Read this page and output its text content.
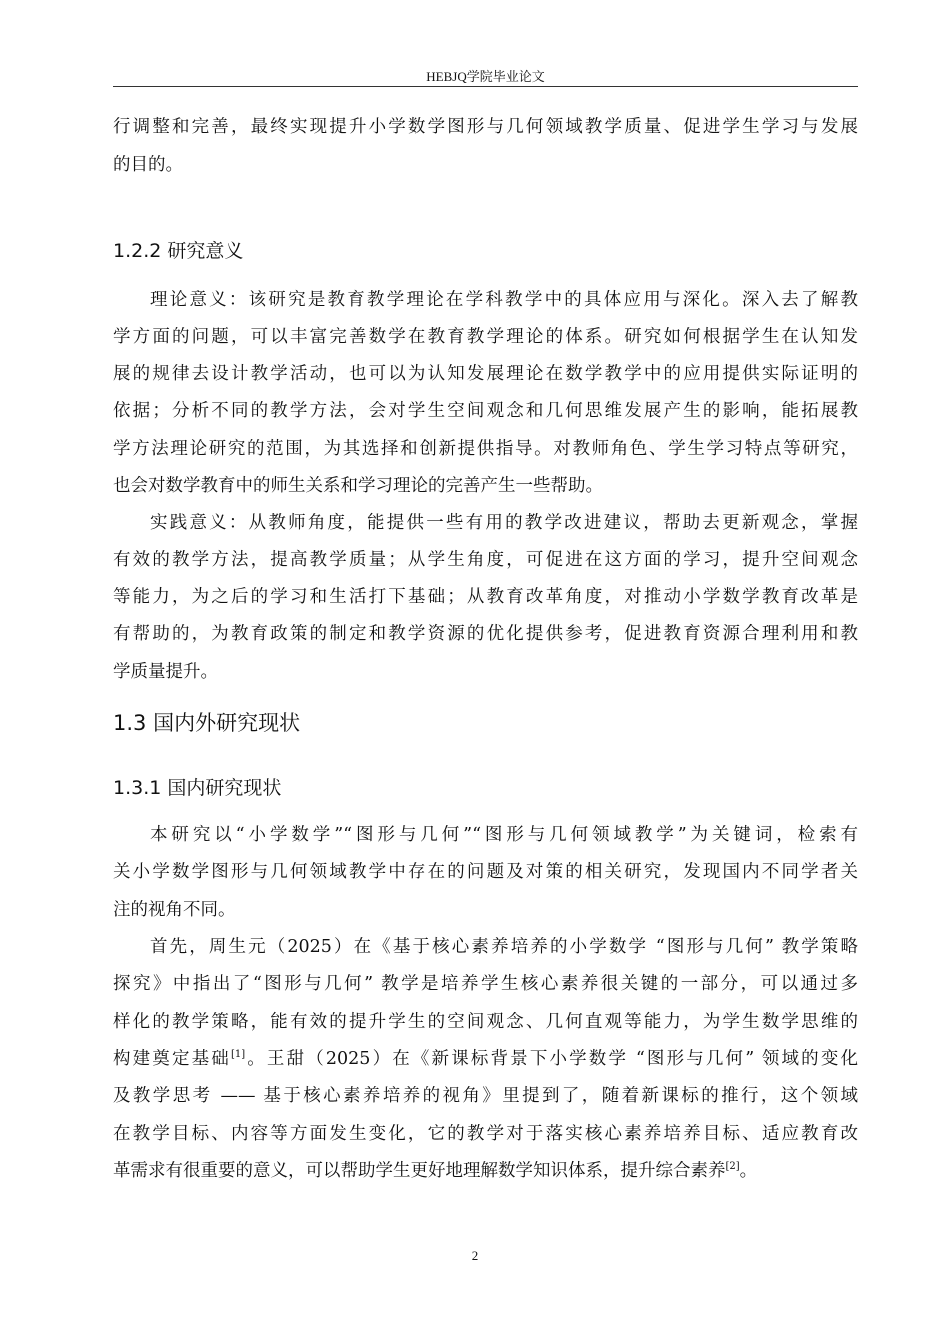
HEBJQ学院毕业论文
行调整和完善，最终实现提升小学数学图形与几何领域教学质量、促进学生学习与发展
的目的。
1.2.2 研究意义
理论意义：该研究是教育教学理论在学科教学中的具体应用与深化。深入去了解教
学方面的问题，可以丰富完善数学在教育教学理论的体系。研究如何根据学生在认知发
展的规律去设计教学活动，也可以为认知发展理论在数学教学中的应用提供实际证明的
依据；分析不同的教学方法，会对学生空间观念和几何思维发展产生的影响，能拓展教
学方法理论研究的范围，为其选择和创新提供指导。对教师角色、学生学习特点等研究，
也会对数学教育中的师生关系和学习理论的完善产生一些帮助。
实践意义：从教师角度，能提供一些有用的教学改进建议，帮助去更新观念，掌握
有效的教学方法，提高教学质量；从学生角度，可促进在这方面的学习，提升空间观念
等能力，为之后的学习和生活打下基础；从教育改革角度，对推动小学数学教育改革是
有帮助的，为教育政策的制定和教学资源的优化提供参考，促进教育资源合理利用和教
学质量提升。
1.3 国内外研究现状
1.3.1 国内研究现状
本研究以“小学数学”“图形与几何”“图形与几何领域教学”为关键词，检索有
关小学数学图形与几何领域教学中存在的问题及对策的相关研究，发现国内不同学者关
注的视角不同。
首先，周生元（2025）在《基于核心素养培养的小学数学 “图形与几何” 教学策略
探究》中指出了“图形与几何” 教学是培养学生核心素养很关键的一部分，可以通过多
样化的教学策略，能有效的提升学生的空间观念、几何直观等能力，为学生数学思维的
构建奠定基础[1]。王甜（2025）在《新课标背景下小学数学 “图形与几何” 领域的变化
及教学思考 —— 基于核心素养培养的视角》里提到了，随着新课标的推行，这个领域
在教学目标、内容等方面发生变化，它的教学对于落实核心素养培养目标、适应教育改
革需求有很重要的意义，可以帮助学生更好地理解数学知识体系，提升综合素养[2]。
2
